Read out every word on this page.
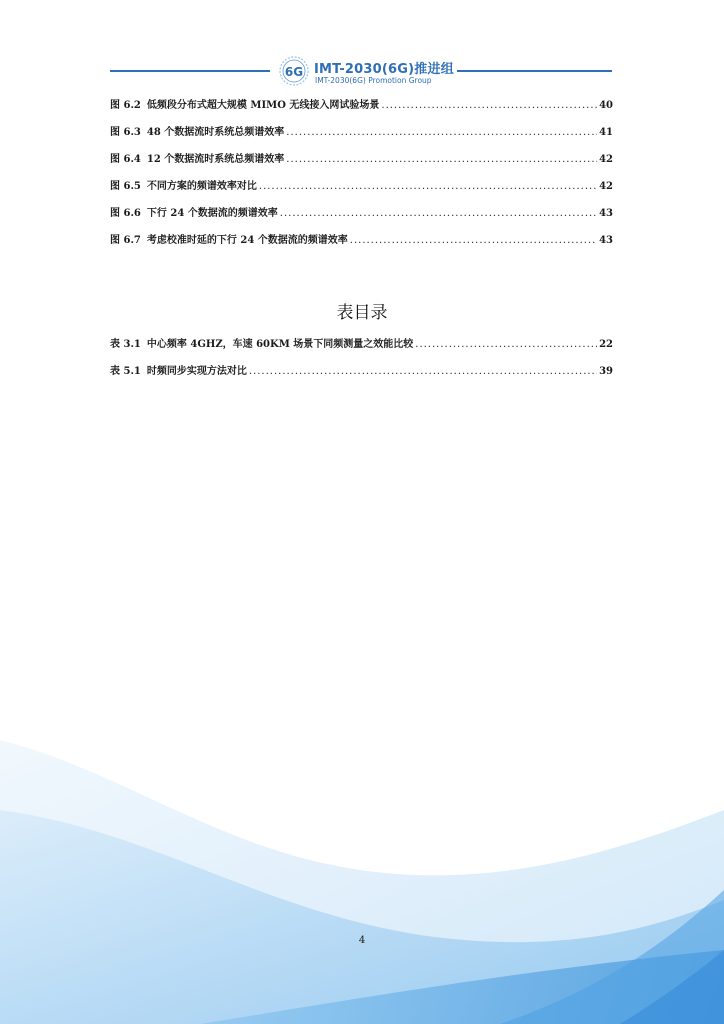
6G IMT-2030(6G)推进组
IMT-2030(6G) Promotion Group
图 6.2 低频段分布式超大规模 MIMO 无线接入网试验场景 .....	40
图 6.3 48 个数据流时系统总频谱效率 .....	41
图 6.4 12 个数据流时系统总频谱效率 .....	42
图 6.5 不同方案的频谱效率对比 .....	42
图 6.6 下行 24 个数据流的频谱效率 .....	43
图 6.7 考虑校准时延的下行 24 个数据流的频谱效率 .....	43
表目录
表 3.1 中心频率 4GHZ，车速 60KM 场景下同频测量之效能比较 .....	22
表 5.1 时频同步实现方法对比 .....	39
4
